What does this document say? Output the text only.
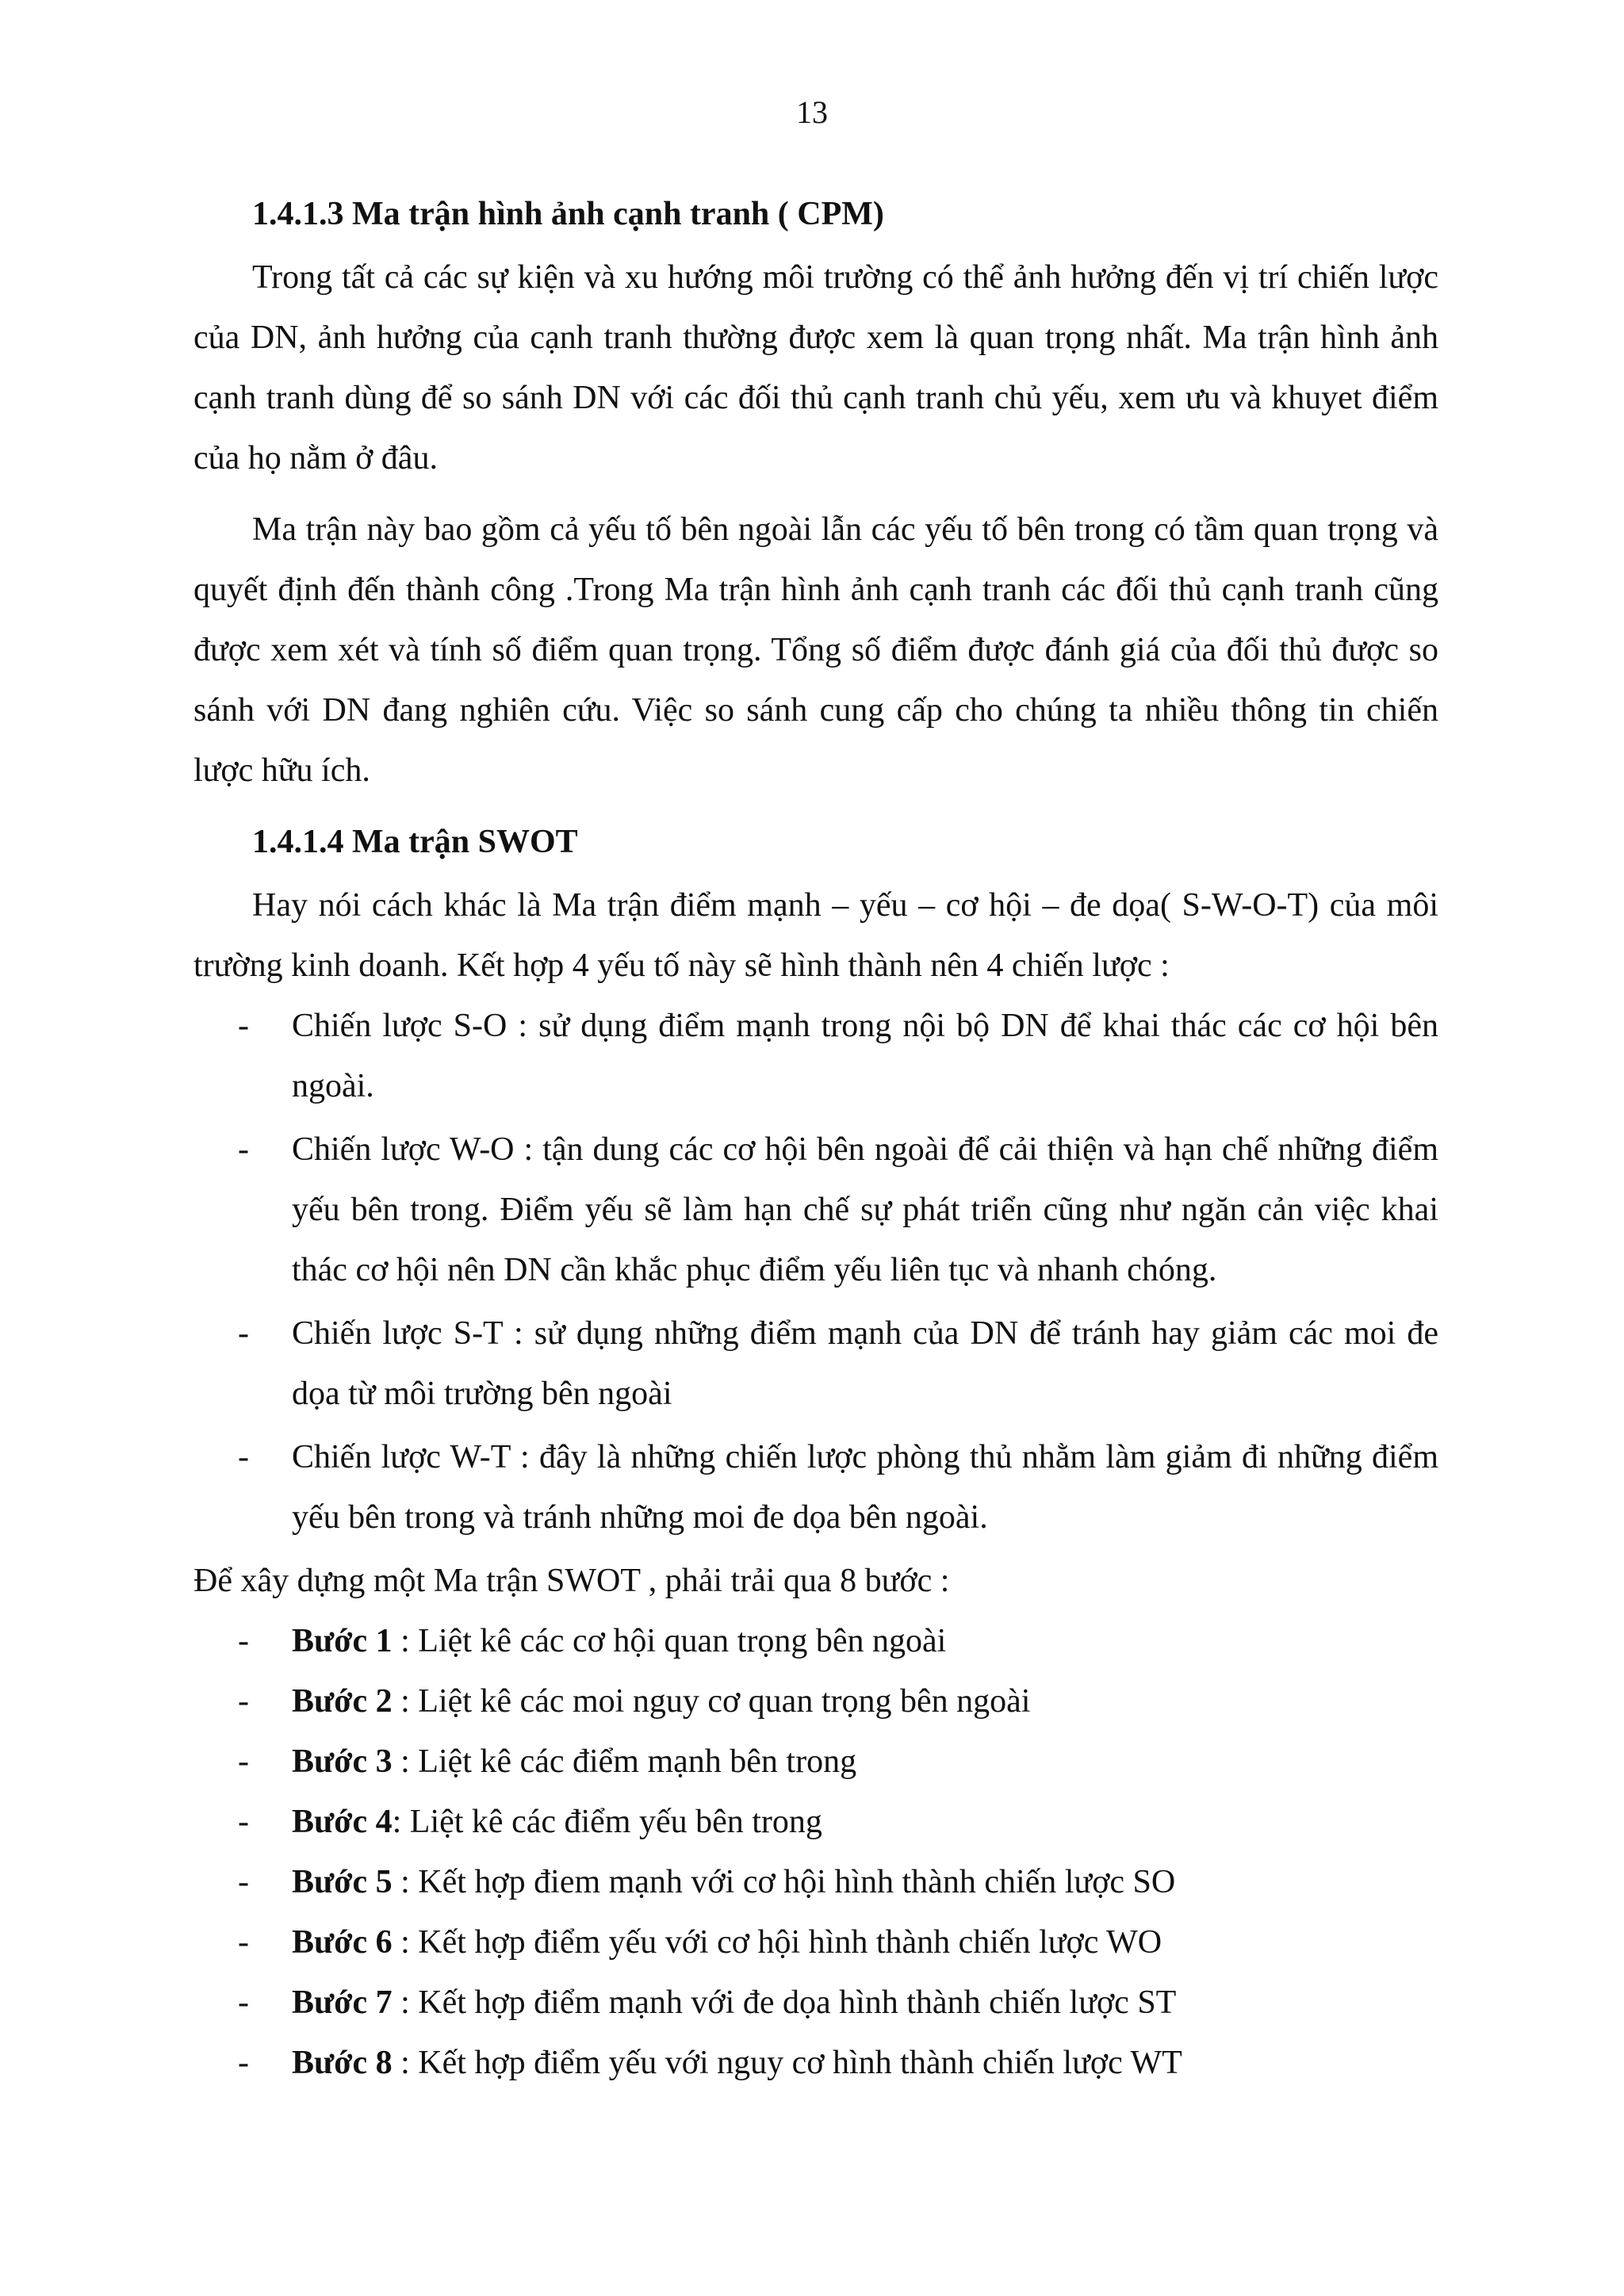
13
1.4.1.3 Ma trận hình ảnh cạnh tranh ( CPM)

Trong tất cả các sự kiện và xu hướng môi trường có thể ảnh hưởng đến vị trí chiến lược của DN, ảnh hưởng của cạnh tranh thường được xem là quan trọng nhất. Ma trận hình ảnh cạnh tranh dùng để so sánh DN với các đối thủ cạnh tranh chủ yếu, xem ưu và khuyet điểm của họ nằm ở đâu.

Ma trận này bao gồm cả yếu tố bên ngoài lẫn các yếu tố bên trong có tầm quan trọng và quyết định đến thành công .Trong Ma trận hình ảnh cạnh tranh các đối thủ cạnh tranh cũng được xem xét và tính số điểm quan trọng. Tổng số điểm được đánh giá của đối thủ được so sánh với DN đang nghiên cứu. Việc so sánh cung cấp cho chúng ta nhiều thông tin chiến lược hữu ích.

1.4.1.4 Ma trận SWOT

Hay nói cách khác là Ma trận điểm mạnh – yếu – cơ hội – đe dọa( S-W-O-T) của môi trường kinh doanh. Kết hợp 4 yếu tố này sẽ hình thành nên 4 chiến lược :

- Chiến lược S-O : sử dụng điểm mạnh trong nội bộ DN để khai thác các cơ hội bên ngoài.
- Chiến lược W-O : tận dung các cơ hội bên ngoài để cải thiện và hạn chế những điểm yếu bên trong. Điểm yếu sẽ làm hạn chế sự phát triển cũng như ngăn cản việc khai thác cơ hội nên DN cần khắc phục điểm yếu liên tục và nhanh chóng.
- Chiến lược S-T : sử dụng những điểm mạnh của DN để tránh hay giảm các moi đe dọa từ môi trường bên ngoài
- Chiến lược W-T : đây là những chiến lược phòng thủ nhằm làm giảm đi những điểm yếu bên trong và tránh những moi đe dọa bên ngoài.

Để xây dựng một Ma trận SWOT , phải trải qua 8 bước :

- Bước 1 : Liệt kê các cơ hội quan trọng bên ngoài
- Bước 2 : Liệt kê các moi nguy cơ quan trọng bên ngoài
- Bước 3 : Liệt kê các điểm mạnh bên trong
- Bước 4: Liệt kê các điểm yếu bên trong
- Bước 5 : Kết hợp điem mạnh với cơ hội hình thành chiến lược SO
- Bước 6 : Kết hợp điểm yếu với cơ hội hình thành chiến lược WO
- Bước 7 : Kết hợp điểm mạnh với đe dọa hình thành chiến lược ST
- Bước 8 : Kết hợp điểm yếu với nguy cơ hình thành chiến lược WT
